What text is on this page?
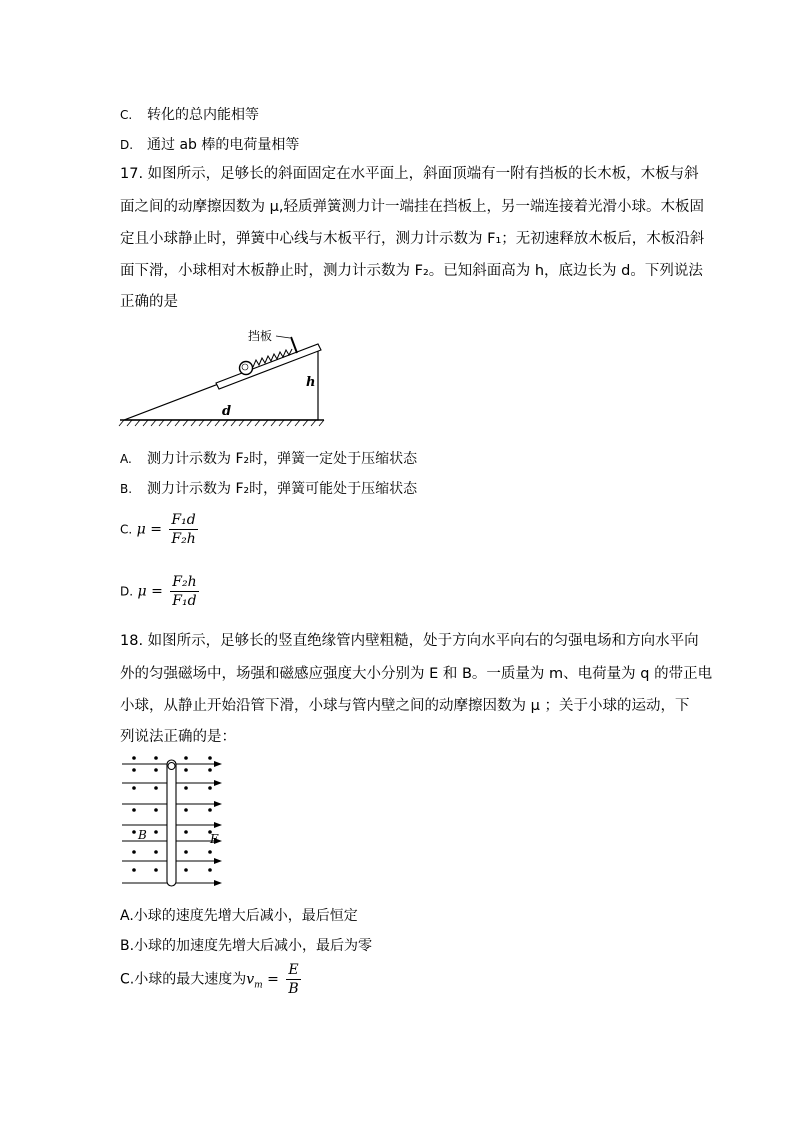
C. 转化的总内能相等
D. 通过 ab 棒的电荷量相等
17. 如图所示，足够长的斜面固定在水平面上，斜面顶端有一附有挡板的长木板，木板与斜
面之间的动摩擦因数为 μ,轻质弹簧测力计一端挂在挡板上，另一端连接着光滑小球。木板固
定且小球静止时，弹簧中心线与木板平行，测力计示数为 F₁；无初速释放木板后，木板沿斜
面下滑，小球相对木板静止时，测力计示数为 F₂。已知斜面高为 h，底边长为 d。下列说法
正确的是
挡板
h
d
A. 测力计示数为 F₂时，弹簧一定处于压缩状态
B. 测力计示数为 F₂时，弹簧可能处于压缩状态
C. $\mu = \frac{\text{F₁d}}{\text{F₂h}}$
D. $\mu = \frac{\text{F₂h}}{\text{F₁d}}$
18. 如图所示，足够长的竖直绝缘管内壁粗糙，处于方向水平向右的匀强电场和方向水平向
外的匀强磁场中，场强和磁感应强度大小分别为 E 和 B。一质量为 m、电荷量为 q 的带正电
小球，从静止开始沿管下滑，小球与管内壁之间的动摩擦因数为 μ ；关于小球的运动，下
列说法正确的是：
B	E
A.小球的速度先增大后减小，最后恒定
B.小球的加速度先增大后减小，最后为零
C.小球的最大速度为$v_m = \frac{E}{B}$
